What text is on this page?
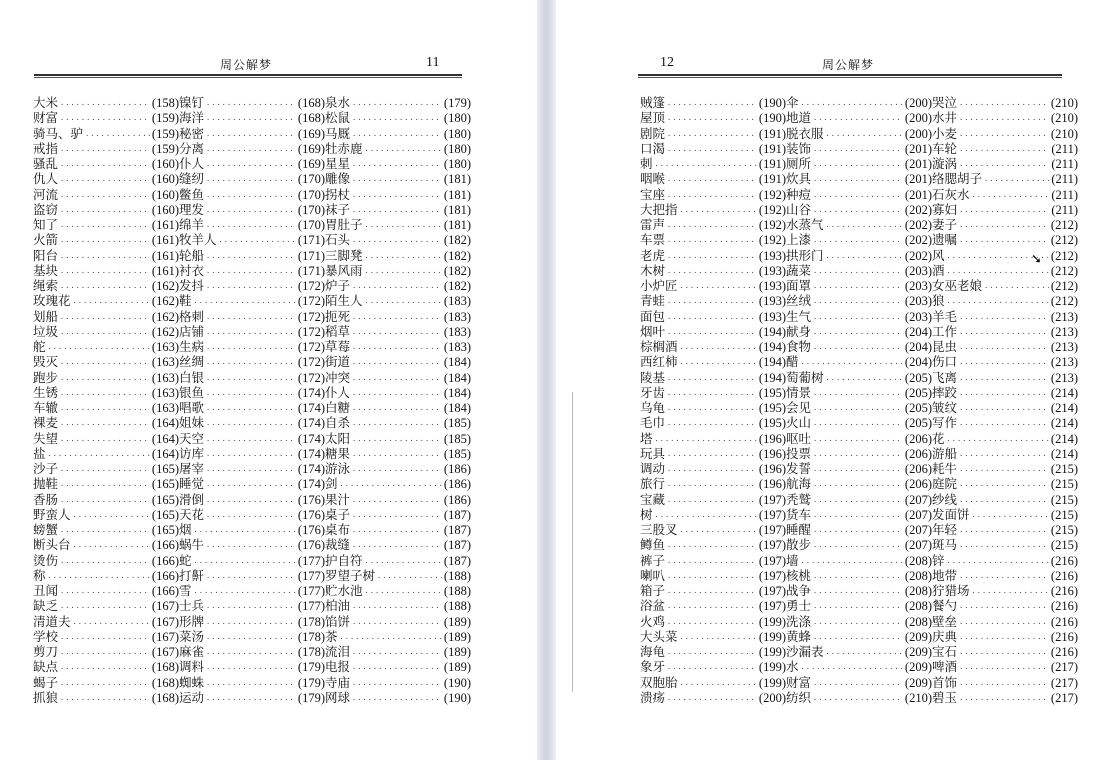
周公解梦	11
大米 ·····	(158)
财富 ·····	(159)
骑马、驴 ·····	(159)
戒指 ·····	(159)
骚乱 ·····	(160)
仇人 ·····	(160)
河流 ·····	(160)
盗窃 ·····	(160)
知了 ·····	(161)
火箭 ·····	(161)
阳台 ·····	(161)
基块 ·····	(161)
绳索 ·····	(162)
玫瑰花 ·····	(162)
划船 ·····	(162)
垃圾 ·····	(162)
舵 ·····	(163)
毁灭 ·····	(163)
跑步 ·····	(163)
生锈 ·····	(163)
车辙 ·····	(163)
裸麦 ·····	(164)
失望 ·····	(164)
盐 ·····	(164)
沙子 ·····	(165)
抛鞋 ·····	(165)
香肠 ·····	(165)
野蛮人 ·····	(165)
螃蟹 ·····	(165)
断头台 ·····	(166)
烫伤 ·····	(166)
称 ·····	(166)
丑闻 ·····	(166)
缺乏 ·····	(167)
清道夫 ·····	(167)
学校 ·····	(167)
剪刀 ·····	(167)
缺点 ·····	(168)
蝎子 ·····	(168)
抓狼 ·····	(168)
镍钉 ·····	(168)
海洋 ·····	(168)
秘密 ·····	(169)
分离 ·····	(169)
仆人 ·····	(169)
缝纫 ·····	(170)
鳖鱼 ·····	(170)
理发 ·····	(170)
绵羊 ·····	(170)
牧羊人 ·····	(171)
轮船 ·····	(171)
衬衣 ·····	(171)
发抖 ·····	(172)
鞋 ·····	(172)
格刺 ·····	(172)
店铺 ·····	(172)
生病 ·····	(172)
丝绸 ·····	(172)
白银 ·····	(172)
银鱼 ·····	(174)
唱歌 ·····	(174)
姐妹 ·····	(174)
天空 ·····	(174)
访库 ·····	(174)
屠宰 ·····	(174)
睡觉 ·····	(174)
滑倒 ·····	(176)
天花 ·····	(176)
烟 ·····	(176)
蜗牛 ·····	(176)
蛇 ·····	(177)
打鼾 ·····	(177)
雪 ·····	(177)
士兵 ·····	(177)
形牌 ·····	(178)
菜汤 ·····	(178)
麻雀 ·····	(178)
调料 ·····	(179)
蜘蛛 ·····	(179)
运动 ·····	(179)
泉水 ·····	(179)
松鼠 ·····	(180)
马厩 ·····	(180)
牡赤鹿 ·····	(180)
星星 ·····	(180)
雕像 ·····	(181)
拐杖 ·····	(181)
袜子 ·····	(181)
胃肚子 ·····	(181)
石头 ·····	(182)
三脚凳 ·····	(182)
暴风雨 ·····	(182)
炉子 ·····	(182)
陌生人 ·····	(183)
扼死 ·····	(183)
稻草 ·····	(183)
草莓 ·····	(183)
街道 ·····	(184)
冲突 ·····	(184)
仆人 ·····	(184)
白糖 ·····	(184)
自杀 ·····	(185)
太阳 ·····	(185)
糖果 ·····	(185)
游泳 ·····	(186)
剑 ·····	(186)
果汁 ·····	(186)
桌子 ·····	(187)
桌布 ·····	(187)
裁缝 ·····	(187)
护自符 ·····	(187)
罗望子树 ·····	(188)
贮水池 ·····	(188)
柏油 ·····	(188)
馅饼 ·····	(189)
茶 ·····	(189)
流泪 ·····	(189)
电报 ·····	(189)
寺庙 ·····	(190)
网球 ·····	(190)
12	周公解梦
贼篷 ·····	(190)
屋顶 ·····	(190)
剧院 ·····	(191)
口渴 ·····	(191)
刺 ·····	(191)
咽喉 ·····	(191)
宝座 ·····	(192)
大把指 ·····	(192)
雷声 ·····	(192)
车票 ·····	(192)
老虎 ·····	(193)
木树 ·····	(193)
小炉匠 ·····	(193)
青蛙 ·····	(193)
面包 ·····	(193)
烟叶 ·····	(194)
棕榈酒 ·····	(194)
西红柿 ·····	(194)
陵基 ·····	(194)
牙齿 ·····	(195)
乌龟 ·····	(195)
毛巾 ·····	(195)
塔 ·····	(196)
玩具 ·····	(196)
调动 ·····	(196)
旅行 ·····	(196)
宝藏 ·····	(197)
树 ·····	(197)
三股叉 ·····	(197)
鳟鱼 ·····	(197)
裤子 ·····	(197)
喇叭 ·····	(197)
箱子 ·····	(197)
浴盆 ·····	(197)
火鸡 ·····	(199)
大头菜 ·····	(199)
海龟 ·····	(199)
象牙 ·····	(199)
双胞胎 ·····	(199)
溃疡 ·····	(200)
伞 ·····	(200)
地道 ·····	(200)
脱衣服 ·····	(200)
装饰 ·····	(201)
厕所 ·····	(201)
炊具 ·····	(201)
种痘 ·····	(201)
山谷 ·····	(202)
水蒸气 ·····	(202)
上漆 ·····	(202)
拱形门 ·····	(202)
蔬菜 ·····	(203)
面罩 ·····	(203)
丝绒 ·····	(203)
生气 ·····	(203)
献身 ·····	(204)
食物 ·····	(204)
醋 ·····	(204)
萄葡树 ·····	(205)
情景 ·····	(205)
会见 ·····	(205)
火山 ·····	(205)
呕吐 ·····	(206)
投票 ·····	(206)
发誓 ·····	(206)
航海 ·····	(206)
秃鹫 ·····	(207)
货车 ·····	(207)
睡醒 ·····	(207)
散步 ·····	(207)
墙 ·····	(208)
核桃 ·····	(208)
战争 ·····	(208)
勇士 ·····	(208)
洗涤 ·····	(208)
黄蜂 ·····	(209)
沙漏表 ·····	(209)
水 ·····	(209)
财富 ·····	(209)
纺织 ·····	(210)
哭泣 ·····	(210)
水井 ·····	(210)
小麦 ·····	(210)
车轮 ·····	(211)
漩涡 ·····	(211)
络腮胡子 ·····	(211)
石灰水 ·····	(211)
寡妇 ·····	(211)
妻子 ·····	(212)
遗嘱 ·····	(212)
风 ·····	(212)
酒 ·····	(212)
女巫老娘 ·····	(212)
狼 ·····	(212)
羊毛 ·····	(213)
工作 ·····	(213)
昆虫 ·····	(213)
伤口 ·····	(213)
飞离 ·····	(213)
摔跤 ·····	(214)
皱纹 ·····	(214)
写作 ·····	(214)
花 ·····	(214)
游船 ·····	(214)
耗牛 ·····	(215)
庭院 ·····	(215)
纱线 ·····	(215)
发面饼 ·····	(215)
年轻 ·····	(215)
斑马 ·····	(215)
锌 ·····	(216)
地带 ·····	(216)
狞猎场 ·····	(216)
餐勺 ·····	(216)
壁垒 ·····	(216)
庆典 ·····	(216)
宝石 ·····	(216)
啤酒 ·····	(217)
首饰 ·····	(217)
碧玉 ·····	(217)
➘
